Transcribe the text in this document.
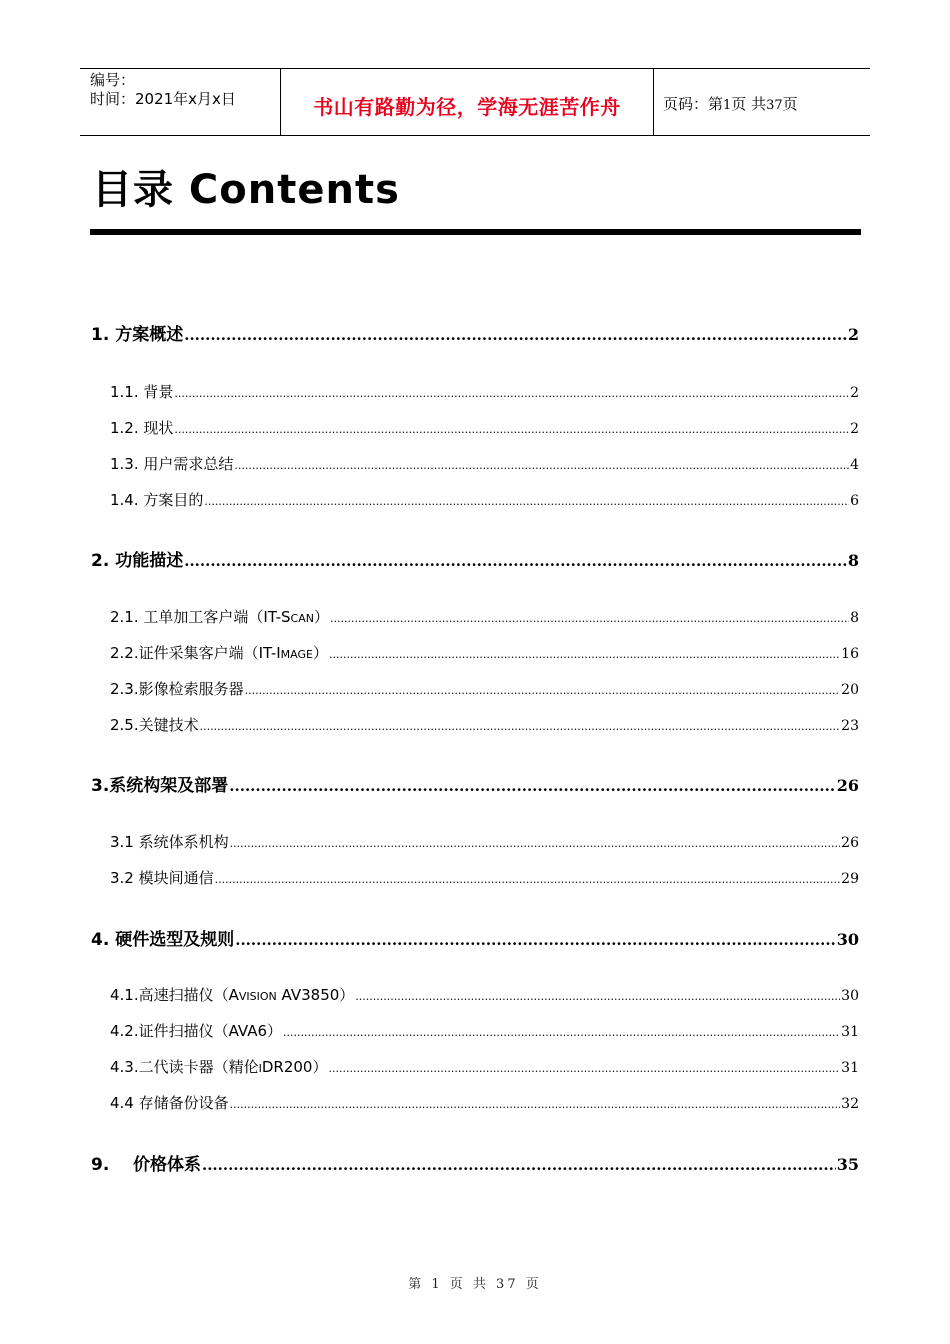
编号：
时间：2021年x月x日	书山有路勤为径，学海无涯苦作舟	页码：第1页 共37页
目录 Contents
1. 方案概述 .....	2
1.1. 背景 .....	2
1.2. 现状 .....	2
1.3. 用户需求总结 .....	4
1.4. 方案目的 .....	6
2. 功能描述 .....	8
2.1. 工单加工客户端（IT-SCAN） .....	8
2.2.证件采集客户端（IT-IMAGE） .....	16
2.3.影像检索服务器 .....	20
2.5.关键技术 .....	23
3.系统构架及部署 .....	26
3.1 系统体系机构 .....	26
3.2 模块间通信 .....	29
4. 硬件选型及规则 .....	30
4.1.高速扫描仪（AVISION AV3850） .....	30
4.2.证件扫描仪（AVA6） .....	31
4.3.二代读卡器（精伦IDR200） .....	31
4.4 存储备份设备 .....	32
9.    价格体系 .....	35
第 1 页 共 37 页
